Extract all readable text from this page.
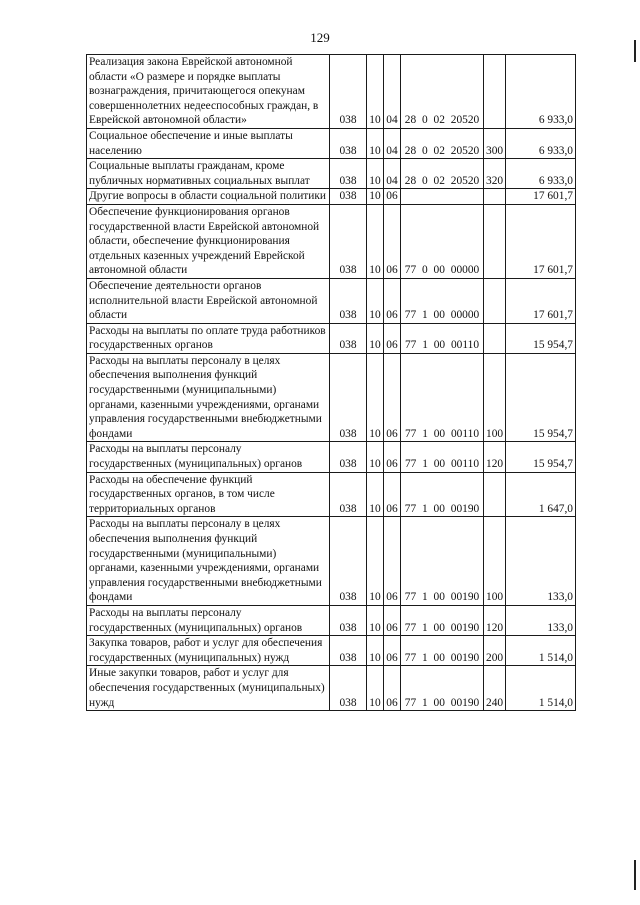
129
Реализация закона Еврейской автономной области «О размере и порядке выплаты вознаграждения, причитающегося опекунам совершеннолетних недееспособных граждан, в Еврейской автономной области»	038	10	04	28 0 02 20520		6 933,0
Социальное обеспечение и иные выплаты населению	038	10	04	28 0 02 20520	300	6 933,0
Социальные выплаты гражданам, кроме публичных нормативных социальных выплат	038	10	04	28 0 02 20520	320	6 933,0
Другие вопросы в области социальной политики	038	10	06			17 601,7
Обеспечение функционирования органов государственной власти Еврейской автономной области, обеспечение функционирования отдельных казенных учреждений Еврейской автономной области	038	10	06	77 0 00 00000		17 601,7
Обеспечение деятельности органов исполнительной власти Еврейской автономной области	038	10	06	77 1 00 00000		17 601,7
Расходы на выплаты по оплате труда работников государственных органов	038	10	06	77 1 00 00110		15 954,7
Расходы на выплаты персоналу в целях обеспечения выполнения функций государственными (муниципальными) органами, казенными учреждениями, органами управления государственными внебюджетными фондами	038	10	06	77 1 00 00110	100	15 954,7
Расходы на выплаты персоналу государственных (муниципальных) органов	038	10	06	77 1 00 00110	120	15 954,7
Расходы на обеспечение функций государственных органов, в том числе территориальных органов	038	10	06	77 1 00 00190		1 647,0
Расходы на выплаты персоналу в целях обеспечения выполнения функций государственными (муниципальными) органами, казенными учреждениями, органами управления государственными внебюджетными фондами	038	10	06	77 1 00 00190	100	133,0
Расходы на выплаты персоналу государственных (муниципальных) органов	038	10	06	77 1 00 00190	120	133,0
Закупка товаров, работ и услуг для обеспечения государственных (муниципальных) нужд	038	10	06	77 1 00 00190	200	1 514,0
Иные закупки товаров, работ и услуг для обеспечения государственных (муниципальных) нужд	038	10	06	77 1 00 00190	240	1 514,0
